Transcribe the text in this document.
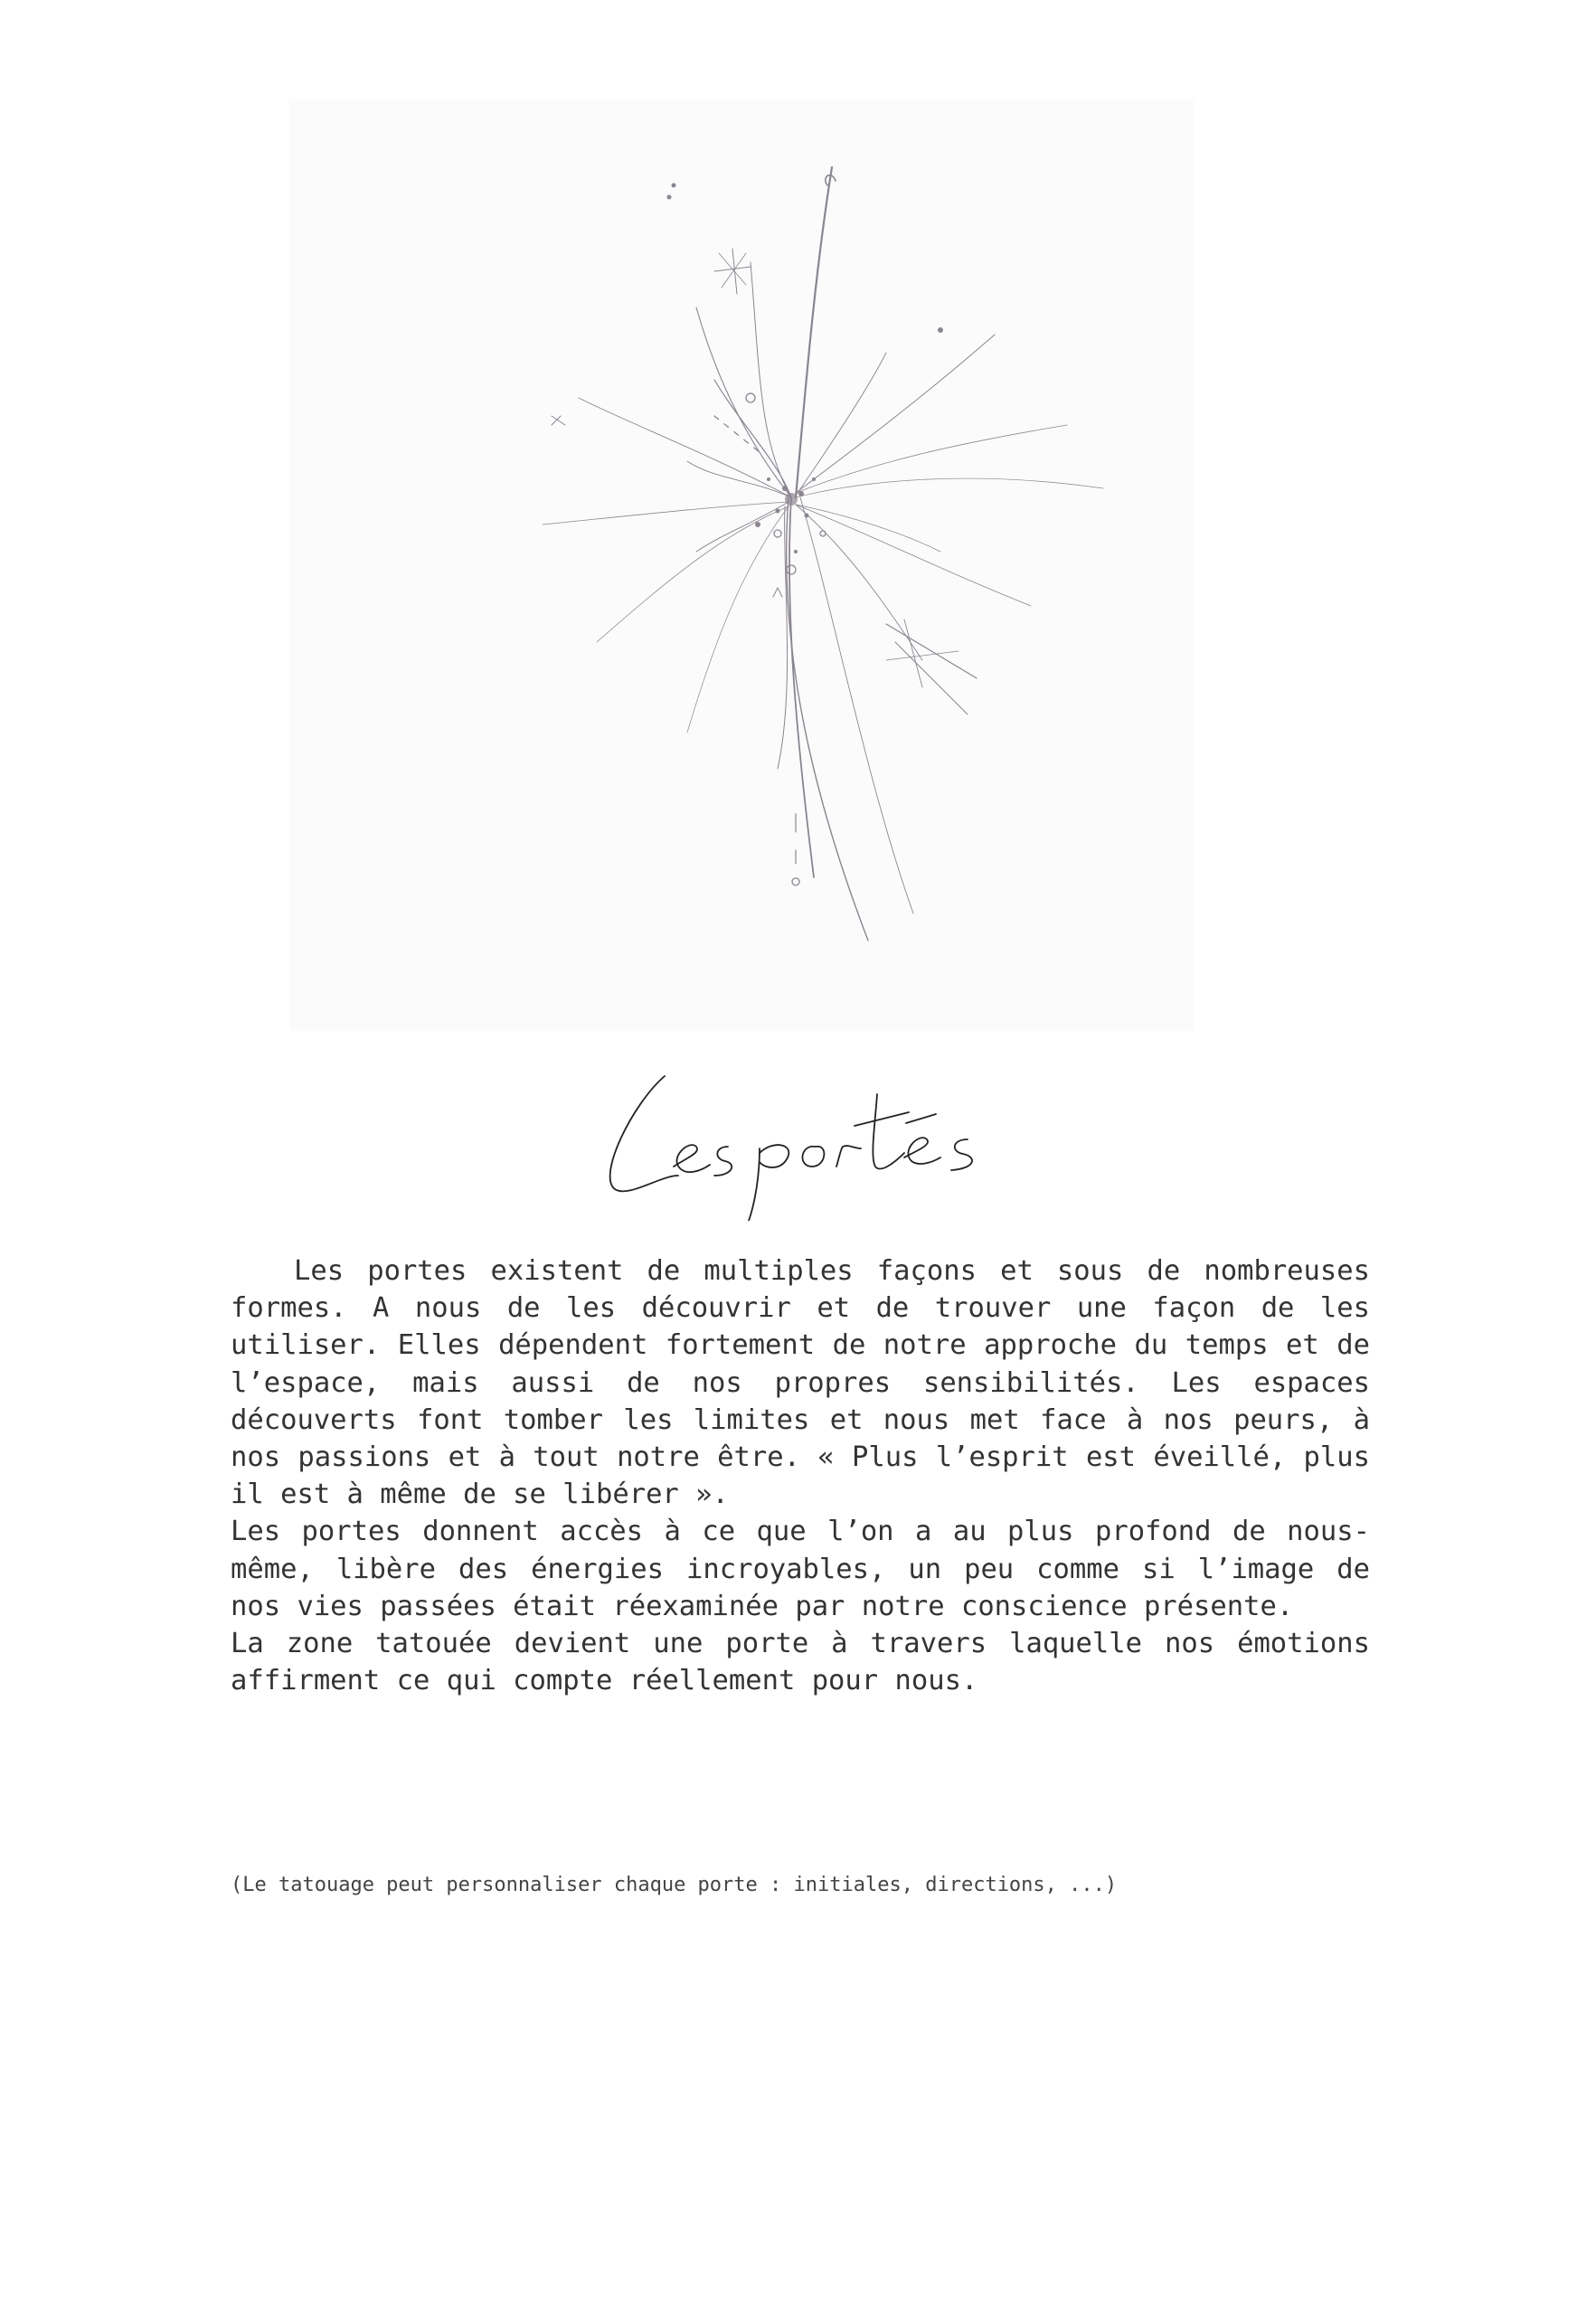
Les portes existent de multiples façons et sous de nombreuses formes. A nous de les découvrir et de trouver une façon de les utiliser. Elles dépendent fortement de notre approche du temps et de l’espace, mais aussi de nos propres sensibilités. Les espaces découverts font tomber les limites et nous met face à nos peurs, à nos passions et à tout notre être. « Plus l’esprit est éveillé, plus il est à même de se libérer ».

Les portes donnent accès à ce que l’on a au plus profond de nous-même, libère des énergies incroyables, un peu comme si l’image de nos vies passées était réexaminée par notre conscience présente.

La zone tatouée devient une porte à travers laquelle nos émotions affirment ce qui compte réellement pour nous.

(Le tatouage peut personnaliser chaque porte : initiales, directions, ...)
